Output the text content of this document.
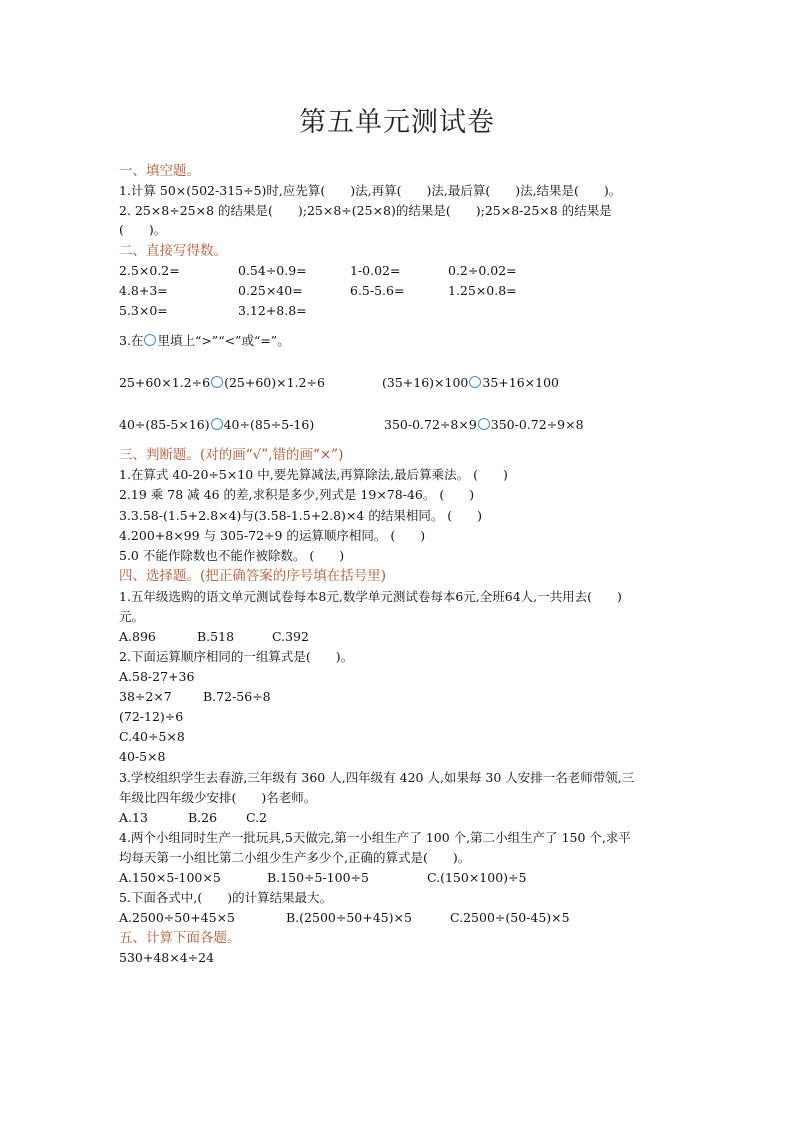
第五单元测试卷
一、填空题。
1.计算 50×(502-315÷5)时,应先算(　　)法,再算(　　)法,最后算(　　)法,结果是(　　)。
2. 25×8÷25×8 的结果是(　　);25×8÷(25×8)的结果是(　　);25×8-25×8 的结果是
(　　)。
二、直接写得数。
2.5×0.2=	0.54÷0.9=	1-0.02=	0.2÷0.02=
4.8+3=	0.25×40=	6.5-5.6=	1.25×0.8=
5.3×0=	3.12+8.8=
3.在 里填上“>”“<”或“=”。
25+60×1.2÷6 (25+60)×1.2÷6	(35+16)×100 35+16×100
40÷(85-5×16) 40÷(85÷5-16)	350-0.72÷8×9 350-0.72÷9×8
三、判断题。(对的画“√”,错的画“×”)
1.在算式 40-20÷5×10 中,要先算减法,再算除法,最后算乘法。 (　　)
2.19 乘 78 减 46 的差,求积是多少,列式是 19×78-46。 (　　)
3.3.58-(1.5+2.8×4)与(3.58-1.5+2.8)×4 的结果相同。 (　　)
4.200+8×99 与 305-72÷9 的运算顺序相同。 (　　)
5.0 不能作除数也不能作被除数。 (　　)
四、选择题。(把正确答案的序号填在括号里)
1.五年级选购的语文单元测试卷每本8元,数学单元测试卷每本6元,全班64人,一共用去(　　)
元。
A.896	B.518	C.392
2.下面运算顺序相同的一组算式是(　　)。
A.58-27+36
38÷2×7 B.72-56÷8
(72-12)÷6
C.40÷5×8
40-5×8
3.学校组织学生去春游,三年级有 360 人,四年级有 420 人,如果每 30 人安排一名老师带领,三
年级比四年级少安排(　　)名老师。
A.13	B.26 C.2
4.两个小组同时生产一批玩具,5天做完,第一小组生产了 100 个,第二小组生产了 150 个,求平
均每天第一小组比第二小组少生产多少个,正确的算式是(　　)。
A.150×5-100×5	B.150÷5-100÷5	C.(150×100)÷5
5.下面各式中,(　　)的计算结果最大。
A.2500÷50+45×5	B.(2500÷50+45)×5	C.2500÷(50-45)×5
五、计算下面各题。
530+48×4÷24
